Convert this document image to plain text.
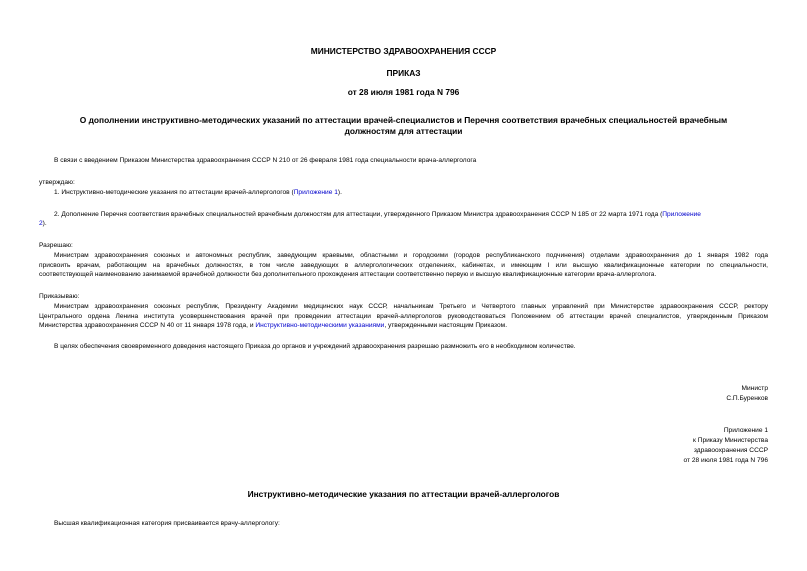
МИНИСТЕРСТВО ЗДРАВООХРАНЕНИЯ СССР
ПРИКАЗ
от 28 июля 1981 года N 796
О дополнении инструктивно-методических указаний по аттестации врачей-специалистов и Перечня соответствия врачебных специальностей врачебным
должностям для аттестации
В связи с введением Приказом Министерства здравоохранения СССР N 210 от 26 февраля 1981 года специальности врача-аллерголога
утверждаю:
1. Инструктивно-методические указания по аттестации врачей-аллергологов (Приложение 1).
2. Дополнение Перечня соответствия врачебных специальностей врачебным должностям для аттестации, утвержденного Приказом Министра здравоохранения СССР N 185 от 22 марта 1971 года (Приложение
2).
Разрешаю:
Министрам здравоохранения союзных и автономных республик, заведующим краевыми, областными и городскими (городов республиканского подчинения) отделами здравоохранения до 1 января 1982 года
присвоить врачам, работающим на врачебных должностях, в том числе заведующих в аллергологических отделениях, кабинетах, и имеющим I или высшую квалификационные категории по специальности,
соответствующей наименованию занимаемой врачебной должности без дополнительного прохождения аттестации соответственно первую и высшую квалификационные категории врача-аллерголога.
Приказываю:
Министрам здравоохранения союзных республик, Президенту Академии медицинских наук СССР, начальникам Третьего и Четвертого главных управлений при Министерстве здравоохранения СССР, ректору
Центрального ордена Ленина института усовершенствования врачей при проведении аттестации врачей-аллергологов руководствоваться Положением об аттестации врачей специалистов, утвержденным Приказом
Министерства здравоохранения СССР N 40 от 11 января 1978 года, и Инструктивно-методическими указаниями, утвержденными настоящим Приказом.
В целях обеспечения своевременного доведения настоящего Приказа до органов и учреждений здравоохранения разрешаю размножить его в необходимом количестве.
Министр
С.П.Буренков
Приложение 1
к Приказу Министерства
здравоохранения СССР
от 28 июля 1981 года N 796
Инструктивно-методические указания по аттестации врачей-аллергологов
Высшая квалификационная категория присваивается врачу-аллергологу:
